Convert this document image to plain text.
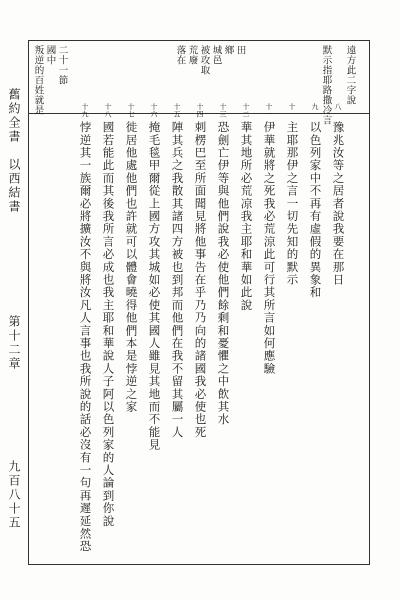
舊約全書　以西結書
第十二章
九百八十五
叛逆的百姓就是 國中 二十一節	落在 荒廢 被攻取 城邑 鄉 田	默示指耶路撒冷言 遠方此二字說
十九 十八 十七 十六 十五 十四 十三 十二 十一 十 九 八
悖逆其一族爾必將擴汝不與將汝凡人言事也我所說的話必沒有一句再遲延然恐 國若能此而其後我所言必成也我主耶和華說人子阿以色列家的人論到你說 徙居他處他們也許就可以體會曉得他們本是悖逆之家 掩毛毯甲爾從上國方攻其城如必使其國人雖見其地而不能見 陣其兵之我散其諸四方被也到邦而他們在我不留其屬一人 刺楞巴至所面聞見將他事告在乎乃乃向的諸國我必使也死 恐劍亡伊等與他們說我必使他們餘剩和憂懼之中飲其水 華其地所必荒凉我主耶和華如此說 伊華就將之死我必荒涼此可行其所言如何應驗 主耶那伊之言一切先知的默示 以色列家中不再有虛假的異象和 豫兆汝等之居者說我要在那日
